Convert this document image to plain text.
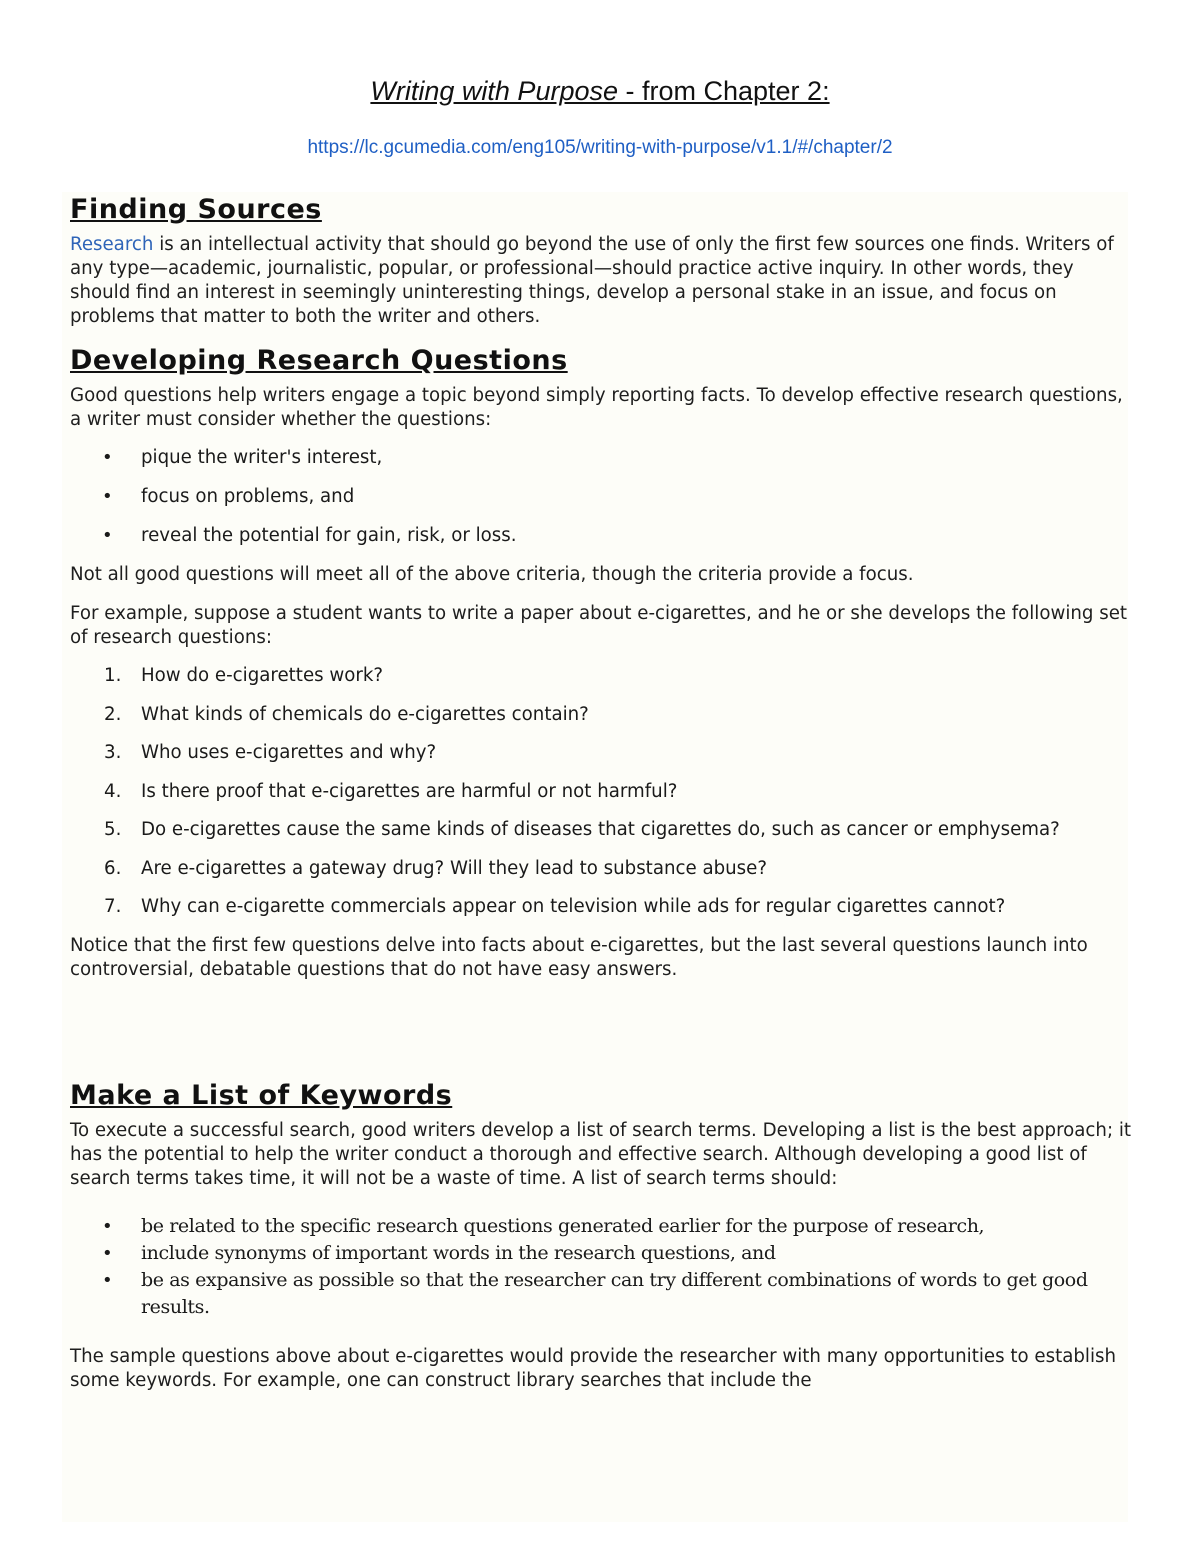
Writing with Purpose - from Chapter 2:
https://lc.gcumedia.com/eng105/writing-with-purpose/v1.1/#/chapter/2
Finding Sources

Research is an intellectual activity that should go beyond the use of only the first few sources one finds. Writers of any type—academic, journalistic, popular, or professional—should practice active inquiry. In other words, they should find an interest in seemingly uninteresting things, develop a personal stake in an issue, and focus on problems that matter to both the writer and others.

Developing Research Questions

Good questions help writers engage a topic beyond simply reporting facts. To develop effective research questions, a writer must consider whether the questions:

• pique the writer's interest,
• focus on problems, and
• reveal the potential for gain, risk, or loss.

Not all good questions will meet all of the above criteria, though the criteria provide a focus.

For example, suppose a student wants to write a paper about e-cigarettes, and he or she develops the following set of research questions:

1. How do e-cigarettes work?
2. What kinds of chemicals do e-cigarettes contain?
3. Who uses e-cigarettes and why?
4. Is there proof that e-cigarettes are harmful or not harmful?
5. Do e-cigarettes cause the same kinds of diseases that cigarettes do, such as cancer or emphysema?
6. Are e-cigarettes a gateway drug? Will they lead to substance abuse?
7. Why can e-cigarette commercials appear on television while ads for regular cigarettes cannot?

Notice that the first few questions delve into facts about e-cigarettes, but the last several questions launch into controversial, debatable questions that do not have easy answers.

Make a List of Keywords

To execute a successful search, good writers develop a list of search terms. Developing a list is the best approach; it has the potential to help the writer conduct a thorough and effective search. Although developing a good list of search terms takes time, it will not be a waste of time. A list of search terms should:

• be related to the specific research questions generated earlier for the purpose of research,
• include synonyms of important words in the research questions, and
• be as expansive as possible so that the researcher can try different combinations of words to get good results.

The sample questions above about e-cigarettes would provide the researcher with many opportunities to establish some keywords. For example, one can construct library searches that include the
